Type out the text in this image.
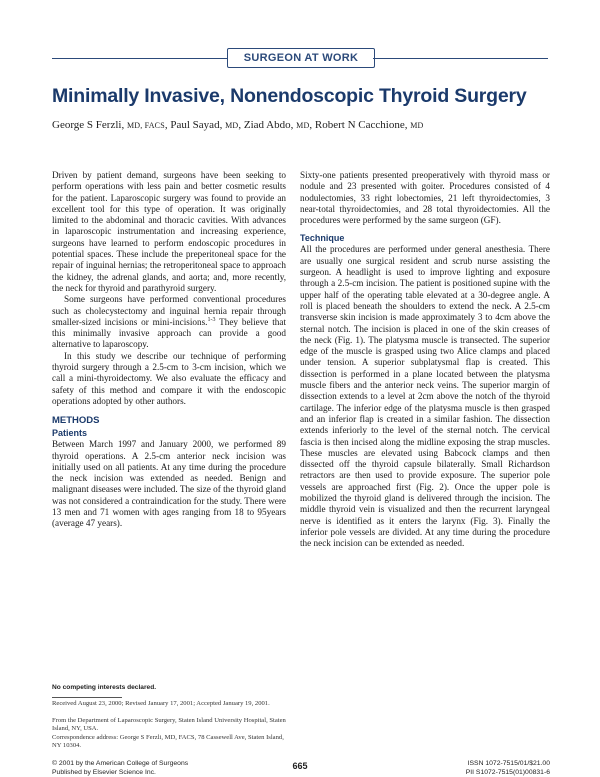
SURGEON AT WORK
Minimally Invasive, Nonendoscopic Thyroid Surgery
George S Ferzli, MD, FACS, Paul Sayad, MD, Ziad Abdo, MD, Robert N Cacchione, MD

Driven by patient demand, surgeons have been seeking to perform operations with less pain and better cosmetic results for the patient. Laparoscopic surgery was found to provide an excellent tool for this type of operation. It was originally limited to the abdominal and thoracic cavities. With advances in laparoscopic instrumentation and increasing experience, surgeons have learned to perform endoscopic procedures in potential spaces. These include the preperitoneal space for the repair of inguinal hernias; the retroperitoneal space to approach the kidney, the adrenal glands, and aorta; and, more recently, the neck for thyroid and parathyroid surgery.

Some surgeons have performed conventional procedures such as cholecystectomy and inguinal hernia repair through smaller-sized incisions or mini-incisions.$^{1-3}$ They believe that this minimally invasive approach can provide a good alternative to laparoscopy.

In this study we describe our technique of performing thyroid surgery through a 2.5-cm to 3-cm incision, which we call a mini-thyroidectomy. We also evaluate the efficacy and safety of this method and compare it with the endoscopic operations adopted by other authors.

METHODS
Patients

Between March 1997 and January 2000, we performed 89 thyroid operations. A 2.5-cm anterior neck incision was initially used on all patients. At any time during the procedure the neck incision was extended as needed. Benign and malignant diseases were included. The size of the thyroid gland was not considered a contraindication for the study. There were 13 men and 71 women with ages ranging from 18 to 95years (average 47 years).

No competing interests declared.
Received August 23, 2000; Revised January 17, 2001; Accepted January 19, 2001.
From the Department of Laparoscopic Surgery, Staten Island University Hospital, Staten Island, NY, USA.
Correspondence address: George S Ferzli, MD, FACS, 78 Cassewell Ave, Staten Island, NY 10304.

Sixty-one patients presented preoperatively with thyroid mass or nodule and 23 presented with goiter. Procedures consisted of 4 nodulectomies, 33 right lobectomies, 21 left thyroidectomies, 3 near-total thyroidectomies, and 28 total thyroidectomies. All the procedures were performed by the same surgeon (GF).

Technique

All the procedures are performed under general anesthesia. There are usually one surgical resident and scrub nurse assisting the surgeon. A headlight is used to improve lighting and exposure through a 2.5-cm incision. The patient is positioned supine with the upper half of the operating table elevated at a 30-degree angle. A roll is placed beneath the shoulders to extend the neck. A 2.5-cm transverse skin incision is made approximately 3 to 4cm above the sternal notch. The incision is placed in one of the skin creases of the neck (Fig. 1). The platysma muscle is transected. The superior edge of the muscle is grasped using two Alice clamps and placed under tension. A superior subplatysmal flap is created. This dissection is performed in a plane located between the platysma muscle fibers and the anterior neck veins. The superior margin of dissection extends to a level at 2cm above the notch of the thyroid cartilage. The inferior edge of the platysma muscle is then grasped and an inferior flap is created in a similar fashion. The dissection extends inferiorly to the level of the sternal notch. The cervical fascia is then incised along the midline exposing the strap muscles. These muscles are elevated using Babcock clamps and then dissected off the thyroid capsule bilaterally. Small Richardson retractors are then used to provide exposure. The superior pole vessels are approached first (Fig. 2). Once the upper pole is mobilized the thyroid gland is delivered through the incision. The middle thyroid vein is visualized and then the recurrent laryngeal nerve is identified as it enters the larynx (Fig. 3). Finally the inferior pole vessels are divided. At any time during the procedure the neck incision can be extended as needed.

© 2001 by the American College of Surgeons
Published by Elsevier Science Inc.
665	ISSN 1072-7515/01/$21.00
PII S1072-7515(01)00831-6
